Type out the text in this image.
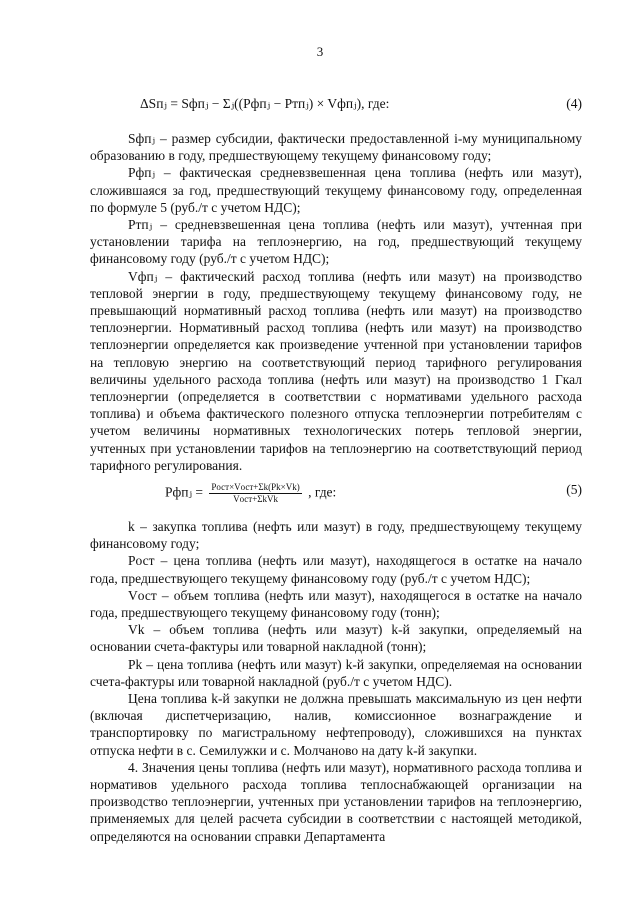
3
ΔSпⱼ = Sфпⱼ − Σⱼ((Рфпⱼ − Ртпⱼ) × Vфпⱼ), где:	(4)

Sфпⱼ – размер субсидии, фактически предоставленной i-му муниципальному образованию в году, предшествующему текущему финансовому году;

Рфпⱼ – фактическая средневзвешенная цена топлива (нефть или мазут), сложившаяся за год, предшествующий текущему финансовому году, определенная по формуле 5 (руб./т с учетом НДС);

Ртпⱼ – средневзвешенная цена топлива (нефть или мазут), учтенная при установлении тарифа на теплоэнергию, на год, предшествующий текущему финансовому году (руб./т с учетом НДС);

Vфпⱼ – фактический расход топлива (нефть или мазут) на производство тепловой энергии в году, предшествующему текущему финансовому году, не превышающий нормативный расход топлива (нефть или мазут) на производство теплоэнергии. Нормативный расход топлива (нефть или мазут) на производство теплоэнергии определяется как произведение учтенной при установлении тарифов на тепловую энергию на соответствующий период тарифного регулирования величины удельного расхода топлива (нефть или мазут) на производство 1 Гкал теплоэнергии (определяется в соответствии с нормативами удельного расхода топлива) и объема фактического полезного отпуска теплоэнергии потребителям с учетом величины нормативных технологических потерь тепловой энергии, учтенных при установлении тарифов на теплоэнергию на соответствующий период тарифного регулирования.

Рфпⱼ = $\frac{\text{Pост×Vост+Σk(Pk×Vk)}}{\text{Vост+ΣkVk}}$ , где:	(5)

k – закупка топлива (нефть или мазут) в году, предшествующему текущему финансовому году;

Pост – цена топлива (нефть или мазут), находящегося в остатке на начало года, предшествующего текущему финансовому году (руб./т с учетом НДС);

Vост – объем топлива (нефть или мазут), находящегося в остатке на начало года, предшествующего текущему финансовому году (тонн);

Vk – объем топлива (нефть или мазут) k-й закупки, определяемый на основании счета-фактуры или товарной накладной (тонн);

Pk – цена топлива (нефть или мазут) k-й закупки, определяемая на основании счета-фактуры или товарной накладной (руб./т с учетом НДС).

Цена топлива k-й закупки не должна превышать максимальную из цен нефти (включая диспетчеризацию, налив, комиссионное вознаграждение и транспортировку по магистральному нефтепроводу), сложившихся на пунктах отпуска нефти в с. Семилужки и с. Молчаново на дату k-й закупки.

4. Значения цены топлива (нефть или мазут), нормативного расхода топлива и нормативов удельного расхода топлива теплоснабжающей организации на производство теплоэнергии, учтенных при установлении тарифов на теплоэнергию, применяемых для целей расчета субсидии в соответствии с настоящей методикой, определяются на основании справки Департамента
